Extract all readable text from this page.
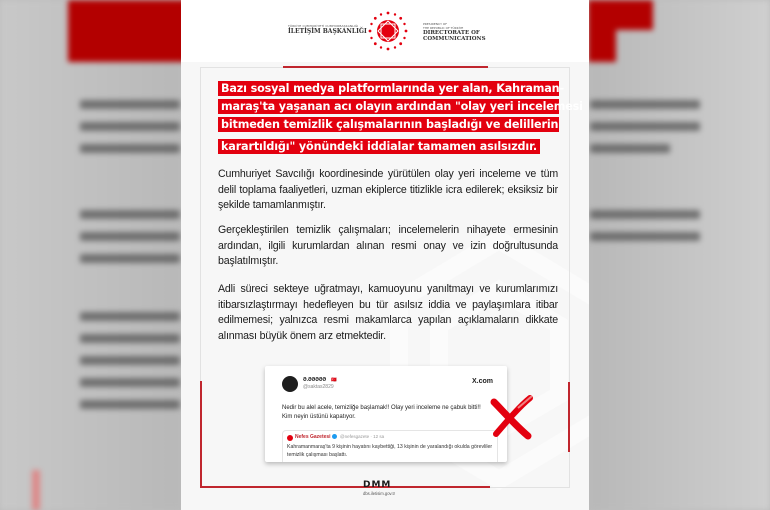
TÜRKİYE CUMHURİYETİ CUMHURBAŞKANLIĞI
İLETİŞİM BAŞKANLIĞI
PRESIDENCY OF
THE REPUBLIC OF TÜRKİYE
DIRECTORATE OF
COMMUNICATIONS
Bazı sosyal medya platformlarında yer alan, Kahraman-
maraş'ta yaşanan acı olayın ardından "olay yeri incelemesi
bitmeden temizlik çalışmalarının başladığı ve delillerin
karartıldığı" yönündeki iddialar tamamen asılsızdır.

Cumhuriyet Savcılığı koordinesinde yürütülen olay yeri inceleme ve tüm delil toplama faaliyetleri, uzman ekiplerce titizlikle icra edilerek; eksiksiz bir şekilde tamamlanmıştır.

Gerçekleştirilen temizlik çalışmaları; incelemelerin nihayete ermesinin ardından, ilgili kurumlardan alınan resmi onay ve izin doğrultusunda başlatılmıştır.

Adli süreci sekteye uğratmayı, kamuoyunu yanıltmayı ve kurumlarımızı itibarsızlaştırmayı hedefleyen bu tür asılsız iddia ve paylaşımlara itibar edilmemesi; yalnızca resmi makamlarca yapılan açıklamaların dikkate alınması büyük önem arz etmektedir.

Ə.ƏƏƏƏƏ 🇹🇷
@saktas2829
X.com
Nedir bu alel acele, temizliğe başlamak!! Olay yeri inceleme ne çabuk bitti!! Kim neyin üstünü kapatıyor.
Nefes Gazetesi @nefesgazete · 12 sa
Kahramanmaraş'ta 9 kişinin hayatını kaybettiği, 13 kişinin de yaralandığı okulda görevliler temizlik çalışması başlattı.
DMM
dbs.iletisim.gov.tr
